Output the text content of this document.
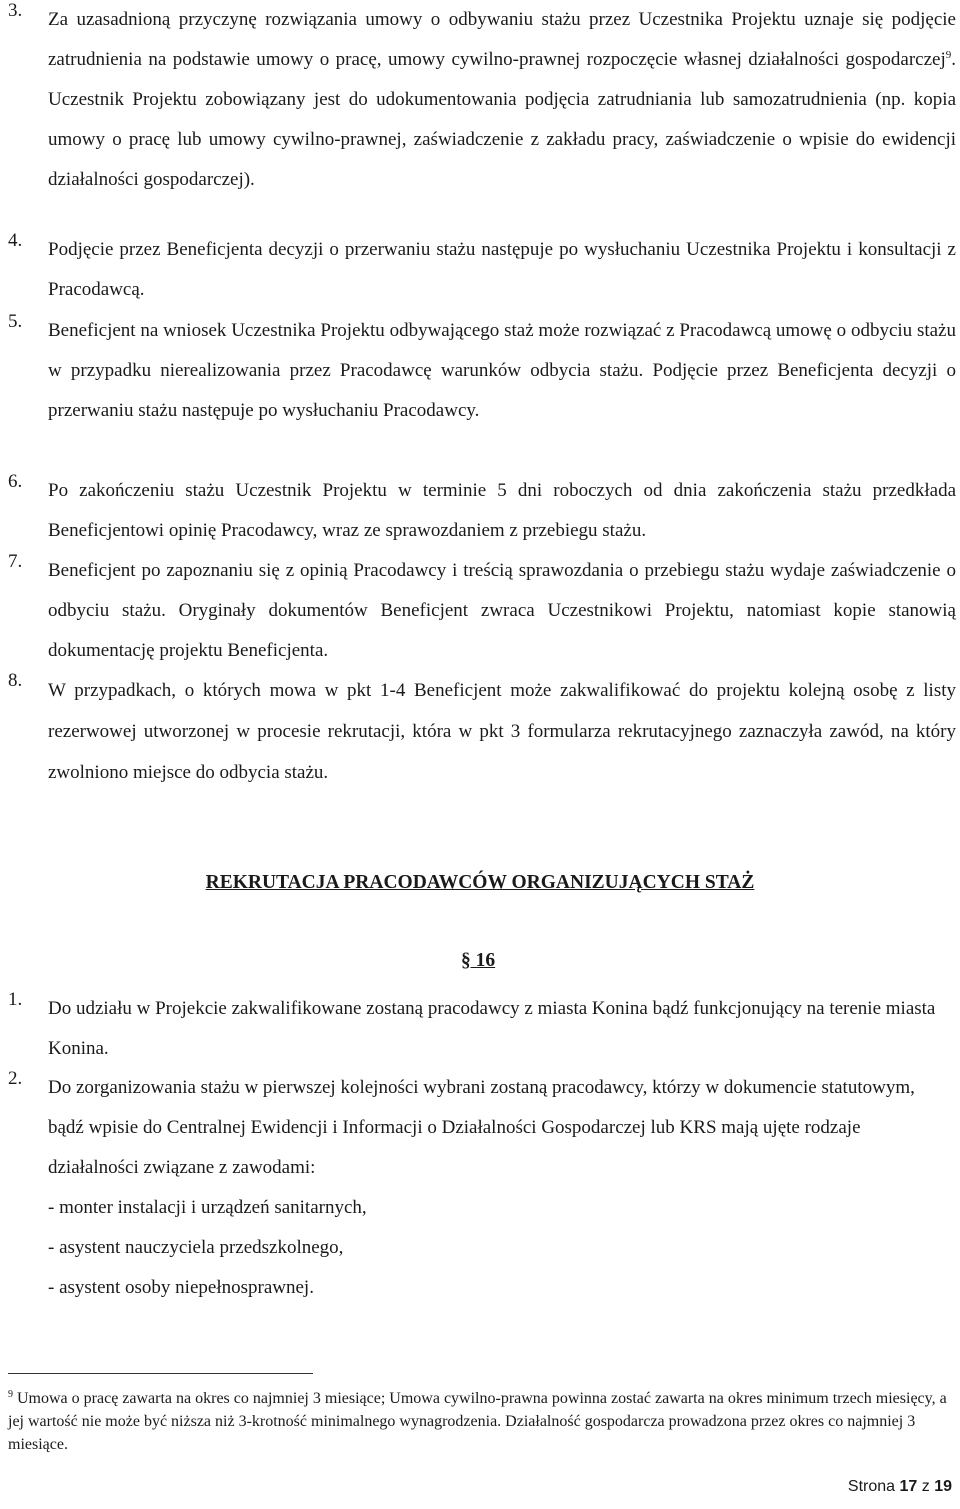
3. Za uzasadnioną przyczynę rozwiązania umowy o odbywaniu stażu przez Uczestnika Projektu uznaje się podjęcie zatrudnienia na podstawie umowy o pracę, umowy cywilno-prawnej rozpoczęcie własnej działalności gospodarczej$^9$. Uczestnik Projektu zobowiązany jest do udokumentowania podjęcia zatrudniania lub samozatrudnienia (np. kopia umowy o pracę lub umowy cywilno-prawnej, zaświadczenie z zakładu pracy, zaświadczenie o wpisie do ewidencji działalności gospodarczej).
4. Podjęcie przez Beneficjenta decyzji o przerwaniu stażu następuje po wysłuchaniu Uczestnika Projektu i konsultacji z Pracodawcą.
5. Beneficjent na wniosek Uczestnika Projektu odbywającego staż może rozwiązać z Pracodawcą umowę o odbyciu stażu w przypadku nierealizowania przez Pracodawcę warunków odbycia stażu. Podjęcie przez Beneficjenta decyzji o przerwaniu stażu następuje po wysłuchaniu Pracodawcy.
6. Po zakończeniu stażu Uczestnik Projektu w terminie 5 dni roboczych od dnia zakończenia stażu przedkłada Beneficjentowi opinię Pracodawcy, wraz ze sprawozdaniem z przebiegu stażu.
7. Beneficjent po zapoznaniu się z opinią Pracodawcy i treścią sprawozdania o przebiegu stażu wydaje zaświadczenie o odbyciu stażu. Oryginały dokumentów Beneficjent zwraca Uczestnikowi Projektu, natomiast kopie stanowią dokumentację projektu Beneficjenta.
8. W przypadkach, o których mowa w pkt 1-4 Beneficjent może zakwalifikować do projektu kolejną osobę z listy rezerwowej utworzonej w procesie rekrutacji, która w pkt 3 formularza rekrutacyjnego zaznaczyła zawód, na który zwolniono miejsce do odbycia stażu.
REKRUTACJA PRACODAWCÓW ORGANIZUJĄCYCH STAŻ
§ 16
1. Do udziału w Projekcie zakwalifikowane zostaną pracodawcy z miasta Konina bądź funkcjonujący na terenie miasta Konina.
2. Do zorganizowania stażu w pierwszej kolejności wybrani zostaną pracodawcy, którzy w dokumencie statutowym, bądź wpisie do Centralnej Ewidencji i Informacji o Działalności Gospodarczej lub KRS mają ujęte rodzaje działalności związane z zawodami:
- monter instalacji i urządzeń sanitarnych,
- asystent nauczyciela przedszkolnego,
- asystent osoby niepełnosprawnej.
$^9$ Umowa o pracę zawarta na okres co najmniej 3 miesiące; Umowa cywilno-prawna powinna zostać zawarta na okres minimum trzech miesięcy, a jej wartość nie może być niższa niż 3-krotność minimalnego wynagrodzenia. Działalność gospodarcza prowadzona przez okres co najmniej 3 miesiące.
Strona 17 z 19
